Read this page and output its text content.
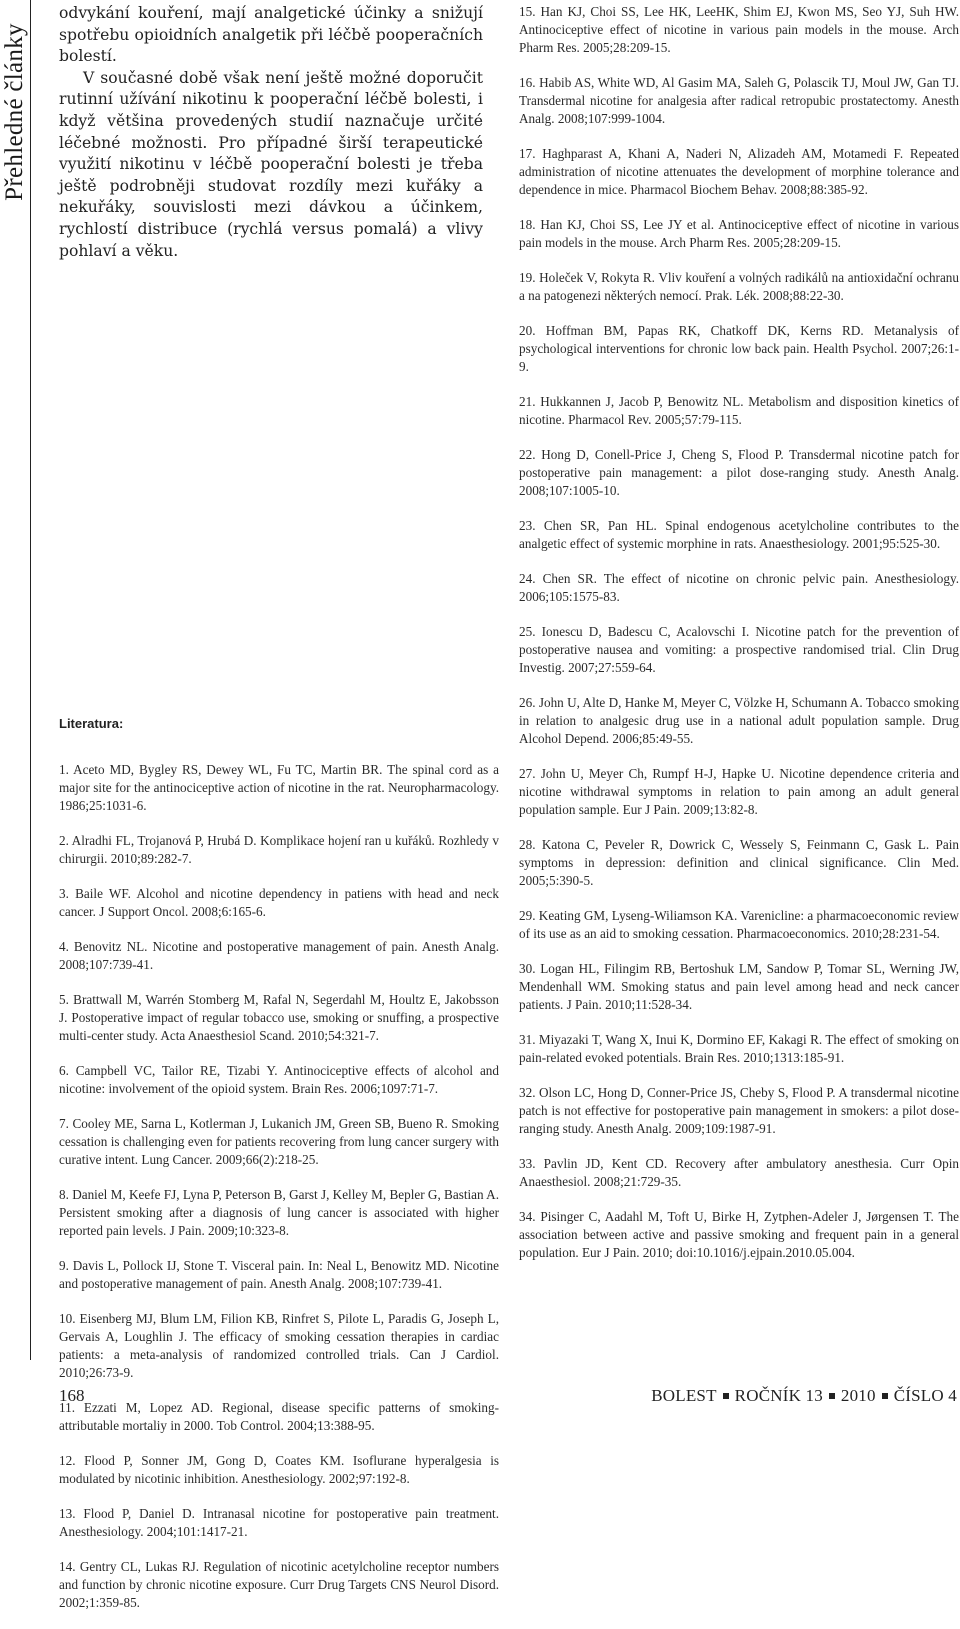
Přehledné články

odvykání kouření, mají analgetické účinky a snižují spotřebu opioidních analgetik při léčbě pooperačních bolestí.

V současné době však není ještě možné doporučit rutinní užívání nikotinu k pooperační léčbě bolesti, i když většina provedených studií naznačuje určité léčebné možnosti. Pro případné širší terapeutické využití nikotinu v léčbě pooperační bolesti je třeba ještě podrobněji studovat rozdíly mezi kuřáky a nekuřáky, souvislosti mezi dávkou a účinkem, rychlostí distribuce (rychlá versus pomalá) a vlivy pohlaví a věku.

Literatura:
1. Aceto MD, Bygley RS, Dewey WL, Fu TC, Martin BR. The spinal cord as a major site for the antinociceptive action of nicotine in the rat. Neuropharmacology. 1986;25:1031-6.
2. Alradhi FL, Trojanová P, Hrubá D. Komplikace hojení ran u kuřáků. Rozhledy v chirurgii. 2010;89:282-7.
3. Baile WF. Alcohol and nicotine dependency in patiens with head and neck cancer. J Support Oncol. 2008;6:165-6.
4. Benovitz NL. Nicotine and postoperative management of pain. Anesth Analg. 2008;107:739-41.
5. Brattwall M, Warrén Stomberg M, Rafal N, Segerdahl M, Houltz E, Jakobsson J. Postoperative impact of regular tobacco use, smoking or snuffing, a prospective multi-center study. Acta Anaesthesiol Scand. 2010;54:321-7.
6. Campbell VC, Tailor RE, Tizabi Y. Antinociceptive effects of alcohol and nicotine: involvement of the opioid system. Brain Res. 2006;1097:71-7.
7. Cooley ME, Sarna L, Kotlerman J, Lukanich JM, Green SB, Bueno R. Smoking cessation is challenging even for patients recovering from lung cancer surgery with curative intent. Lung Cancer. 2009;66(2):218-25.
8. Daniel M, Keefe FJ, Lyna P, Peterson B, Garst J, Kelley M, Bepler G, Bastian A. Persistent smoking after a diagnosis of lung cancer is associated with higher reported pain levels. J Pain. 2009;10:323-8.
9. Davis L, Pollock IJ, Stone T. Visceral pain. In: Neal L, Benowitz MD. Nicotine and postoperative management of pain. Anesth Analg. 2008;107:739-41.
10. Eisenberg MJ, Blum LM, Filion KB, Rinfret S, Pilote L, Paradis G, Joseph L, Gervais A, Loughlin J. The efficacy of smoking cessation therapies in cardiac patients: a meta-analysis of randomized controlled trials. Can J Cardiol. 2010;26:73-9.
11. Ezzati M, Lopez AD. Regional, disease specific patterns of smoking-attributable mortaliy in 2000. Tob Control. 2004;13:388-95.
12. Flood P, Sonner JM, Gong D, Coates KM. Isoflurane hyperalgesia is modulated by nicotinic inhibition. Anesthesiology. 2002;97:192-8.
13. Flood P, Daniel D. Intranasal nicotine for postoperative pain treatment. Anesthesiology. 2004;101:1417-21.
14. Gentry CL, Lukas RJ. Regulation of nicotinic acetylcholine receptor numbers and function by chronic nicotine exposure. Curr Drug Targets CNS Neurol Disord. 2002;1:359-85.
15. Han KJ, Choi SS, Lee HK, LeeHK, Shim EJ, Kwon MS, Seo YJ, Suh HW. Antinociceptive effect of nicotine in various pain models in the mouse. Arch Pharm Res. 2005;28:209-15.
16. Habib AS, White WD, Al Gasim MA, Saleh G, Polascik TJ, Moul JW, Gan TJ. Transdermal nicotine for analgesia after radical retropubic prostatectomy. Anesth Analg. 2008;107:999-1004.
17. Haghparast A, Khani A, Naderi N, Alizadeh AM, Motamedi F. Repeated administration of nicotine attenuates the development of morphine tolerance and dependence in mice. Pharmacol Biochem Behav. 2008;88:385-92.
18. Han KJ, Choi SS, Lee JY et al. Antinociceptive effect of nicotine in various pain models in the mouse. Arch Pharm Res. 2005;28:209-15.
19. Holeček V, Rokyta R. Vliv kouření a volných radikálů na antioxidační ochranu a na patogenezi některých nemocí. Prak. Lék. 2008;88:22-30.
20. Hoffman BM, Papas RK, Chatkoff DK, Kerns RD. Metanalysis of psychological interventions for chronic low back pain. Health Psychol. 2007;26:1-9.
21. Hukkannen J, Jacob P, Benowitz NL. Metabolism and disposition kinetics of nicotine. Pharmacol Rev. 2005;57:79-115.
22. Hong D, Conell-Price J, Cheng S, Flood P. Transdermal nicotine patch for postoperative pain management: a pilot dose-ranging study. Anesth Analg. 2008;107:1005-10.
23. Chen SR, Pan HL. Spinal endogenous acetylcholine contributes to the analgetic effect of systemic morphine in rats. Anaesthesiology. 2001;95:525-30.
24. Chen SR. The effect of nicotine on chronic pelvic pain. Anesthesiology. 2006;105:1575-83.
25. Ionescu D, Badescu C, Acalovschi I. Nicotine patch for the prevention of postoperative nausea and vomiting: a prospective randomised trial. Clin Drug Investig. 2007;27:559-64.
26. John U, Alte D, Hanke M, Meyer C, Völzke H, Schumann A. Tobacco smoking in relation to analgesic drug use in a national adult population sample. Drug Alcohol Depend. 2006;85:49-55.
27. John U, Meyer Ch, Rumpf H-J, Hapke U. Nicotine dependence criteria and nicotine withdrawal symptoms in relation to pain among an adult general population sample. Eur J Pain. 2009;13:82-8.
28. Katona C, Peveler R, Dowrick C, Wessely S, Feinmann C, Gask L. Pain symptoms in depression: definition and clinical significance. Clin Med. 2005;5:390-5.
29. Keating GM, Lyseng-Wiliamson KA. Varenicline: a pharmacoeconomic review of its use as an aid to smoking cessation. Pharmacoeconomics. 2010;28:231-54.
30. Logan HL, Filingim RB, Bertoshuk LM, Sandow P, Tomar SL, Werning JW, Mendenhall WM. Smoking status and pain level among head and neck cancer patients. J Pain. 2010;11:528-34.
31. Miyazaki T, Wang X, Inui K, Dormino EF, Kakagi R. The effect of smoking on pain-related evoked potentials. Brain Res. 2010;1313:185-91.
32. Olson LC, Hong D, Conner-Price JS, Cheby S, Flood P. A transdermal nicotine patch is not effective for postoperative pain management in smokers: a pilot dose-ranging study. Anesth Analg. 2009;109:1987-91.
33. Pavlin JD, Kent CD. Recovery after ambulatory anesthesia. Curr Opin Anaesthesiol. 2008;21:729-35.
34. Pisinger C, Aadahl M, Toft U, Birke H, Zytphen-Adeler J, Jørgensen T. The association between active and passive smoking and frequent pain in a general population. Eur J Pain. 2010; doi:10.1016/j.ejpain.2010.05.004.
168	BOLEST ROČNÍK 13 2010 ČÍSLO 4
